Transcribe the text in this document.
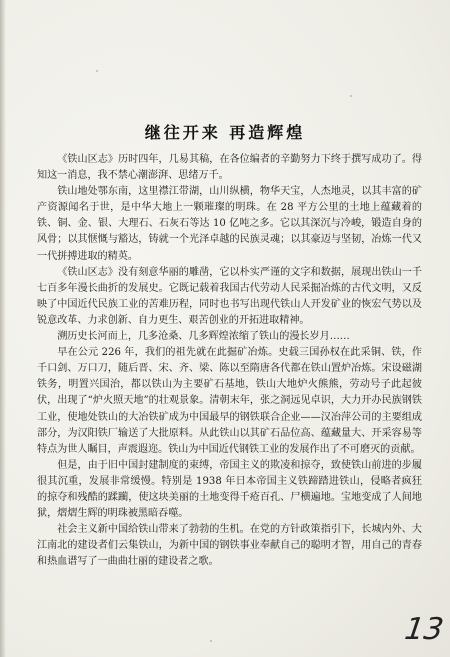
继往开来 再造辉煌

《铁山区志》历时四年，几易其稿，在各位编者的辛勤努力下终于撰写成功了。得知这一消息，我不禁心潮澎湃、思绪万千。

铁山地处鄂东南，这里襟江带湖，山川纵横，物华天宝，人杰地灵，以其丰富的矿产资源闻名于世，是中华大地上一颗璀璨的明珠。在 28 平方公里的土地上蕴藏着的铁、铜、金、银、大理石、石灰石等达 10 亿吨之多。它以其深沉与冷峻，锻造自身的风骨；以其惬慨与豁达，铸就一个光泽卓越的民族灵魂；以其豪迈与坚韧，冶炼一代又一代拼搏进取的精英。

《铁山区志》没有刻意华丽的雕凿，它以朴实严谨的文字和数据，展现出铁山一千七百多年漫长曲折的发展史。它既记载着我国古代劳动人民采掘冶炼的古代文明，又反映了中国近代民族工业的苦难历程，同时也书写出现代铁山人开发矿业的恢宏气势以及锐意改革、力求创新、自力更生、艰苦创业的开拓进取精神。

溯历史长河而上，几多沧桑、几多辉煌浓缩了铁山的漫长岁月……

早在公元 226 年，我们的祖先就在此掘矿冶炼。史载三国孙权在此采铜、铁，作千口剑、万口刀，随后晋、宋、齐、梁、陈以至隋唐各代都在铁山置炉冶炼。宋设磁湖铁务，明置兴国治，都以铁山为主要矿石基地，铁山大地炉火熊熊，劳动号子此起彼伏，出现了“炉火照天地”的壮观景象。清朝末年，张之洞远见卓识，大力开办民族钢铁工业，使地处铁山的大冶铁矿成为中国最早的钢铁联合企业——汉冶萍公司的主要组成部分，为汉阳铁厂输送了大批原料。从此铁山以其矿石品位高、蕴藏量大、开采容易等特点为世人瞩目，声震遐迩。铁山为中国近代钢铁工业的发展作出了不可磨灭的贡献。

但是，由于旧中国封建制度的束缚，帝国主义的欺凌和掠夺，致使铁山前进的步履很其沉重，发展非常缓慢。特别是 1938 年日本帝国主义铁蹄踏进铁山，侵略者疯狂的掠夺和残酷的蹂躏，使这块美丽的土地变得千疮百孔、尸横遍地。宝地变成了人间地狱，熠熠生辉的明珠被黑暗吞噬。

社会主义新中国给铁山带来了勃勃的生机。在党的方针政策指引下，长城内外、大江南北的建设者们云集铁山，为新中国的钢铁事业奉献自己的聪明才智，用自己的青春和热血谱写了一曲曲壮丽的建设者之歌。

13
